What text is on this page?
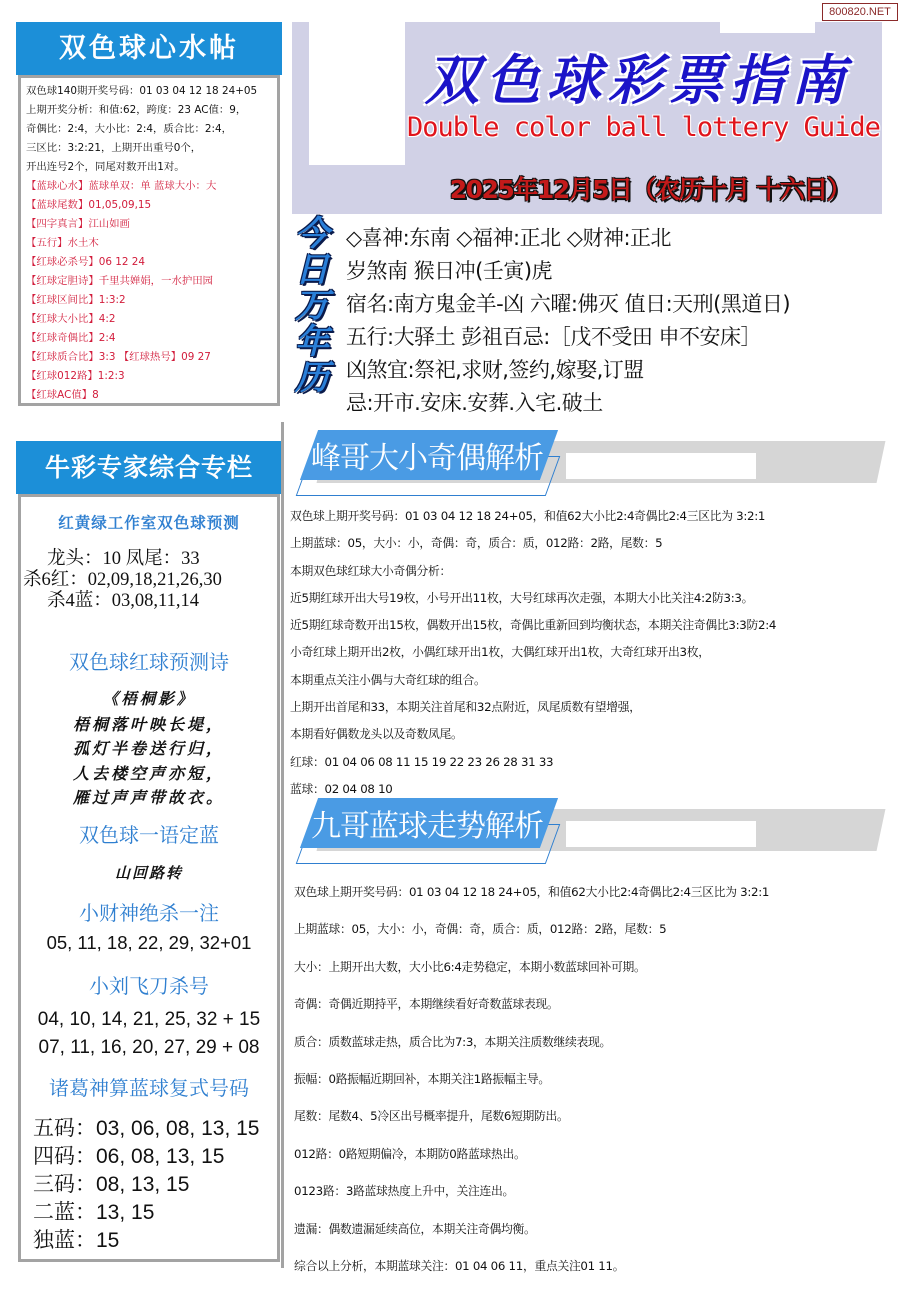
800820.NET
双色球心水帖
双色球140期开奖号码：01 03 04 12 18 24+05
上期开奖分析：和值:62，跨度：23 AC值：9，
奇偶比：2:4，大小比：2:4，质合比：2:4，
三区比：3:2:21，上期开出重号0个，
开出连号2个，同尾对数开出1对。
【蓝球心水】蓝球单双：单 蓝球大小：大
【蓝球尾数】01,05,09,15
【四字真言】江山如画
【五行】水土木
【红球必杀号】06 12 24
【红球定胆诗】千里共婵娟，一水护田园
【红球区间比】1:3:2
【红球大小比】4:2
【红球奇偶比】2:4
【红球质合比】3:3 【红球热号】09 27
【红球012路】1:2:3
【红球AC值】8
牛彩专家综合专栏
红黄绿工作室双色球预测
龙头：10 凤尾：33
杀6红：02,09,18,21,26,30
杀4蓝：03,08,11,14
双色球红球预测诗
《梧桐影》
梧桐落叶映长堤，
孤灯半卷送行归，
人去楼空声亦短，
雁过声声带故衣。
双色球一语定蓝
山回路转
小财神绝杀一注
05, 11, 18, 22, 29, 32+01
小刘飞刀杀号
04, 10, 14, 21, 25, 32 + 15
07, 11, 16, 20, 27, 29 + 08
诸葛神算蓝球复式号码
五码：03, 06, 08, 13, 15
四码：06, 08, 13, 15
三码：08, 13, 15
二蓝：13, 15
独蓝：15
双色球彩票指南
Double color ball lottery Guide
2025年12月5日（农历十月 十六日）
今
日
万
年
历
◇喜神:东南 ◇福神:正北 ◇财神:正北
岁煞南 猴日冲(壬寅)虎
宿名:南方鬼金羊-凶 六曜:佛灭 值日:天刑(黑道日)
五行:大驿土 彭祖百忌:［戊不受田 申不安床］
凶煞宜:祭祀,求财,签约,嫁娶,订盟
忌:开市.安床.安葬.入宅.破土
峰哥大小奇偶解析
双色球上期开奖号码：01 03 04 12 18 24+05，和值62大小比2:4奇偶比2:4三区比为 3:2:1
上期蓝球：05，大小：小，奇偶：奇，质合：质，012路：2路，尾数：5
本期双色球红球大小奇偶分析：
近5期红球开出大号19枚，小号开出11枚，大号红球再次走强，本期大小比关注4:2防3:3。
近5期红球奇数开出15枚，偶数开出15枚，奇偶比重新回到均衡状态，本期关注奇偶比3:3防2:4
小奇红球上期开出2枚，小偶红球开出1枚，大偶红球开出1枚，大奇红球开出3枚，
本期重点关注小偶与大奇红球的组合。
上期开出首尾和33，本期关注首尾和32点附近，凤尾质数有望增强，
本期看好偶数龙头以及奇数凤尾。
红球：01 04 06 08 11 15 19 22 23 26 28 31 33
蓝球：02 04 08 10
九哥蓝球走势解析
双色球上期开奖号码：01 03 04 12 18 24+05，和值62大小比2:4奇偶比2:4三区比为 3:2:1
上期蓝球：05，大小：小，奇偶：奇，质合：质，012路：2路，尾数：5
大小：上期开出大数，大小比6:4走势稳定，本期小数蓝球回补可期。
奇偶：奇偶近期持平，本期继续看好奇数蓝球表现。
质合：质数蓝球走热，质合比为7:3，本期关注质数继续表现。
振幅：0路振幅近期回补，本期关注1路振幅主导。
尾数：尾数4、5冷区出号概率提升，尾数6短期防出。
012路：0路短期偏冷，本期防0路蓝球热出。
0123路：3路蓝球热度上升中，关注连出。
遗漏：偶数遗漏延续高位，本期关注奇偶均衡。
综合以上分析，本期蓝球关注：01 04 06 11，重点关注01 11。
